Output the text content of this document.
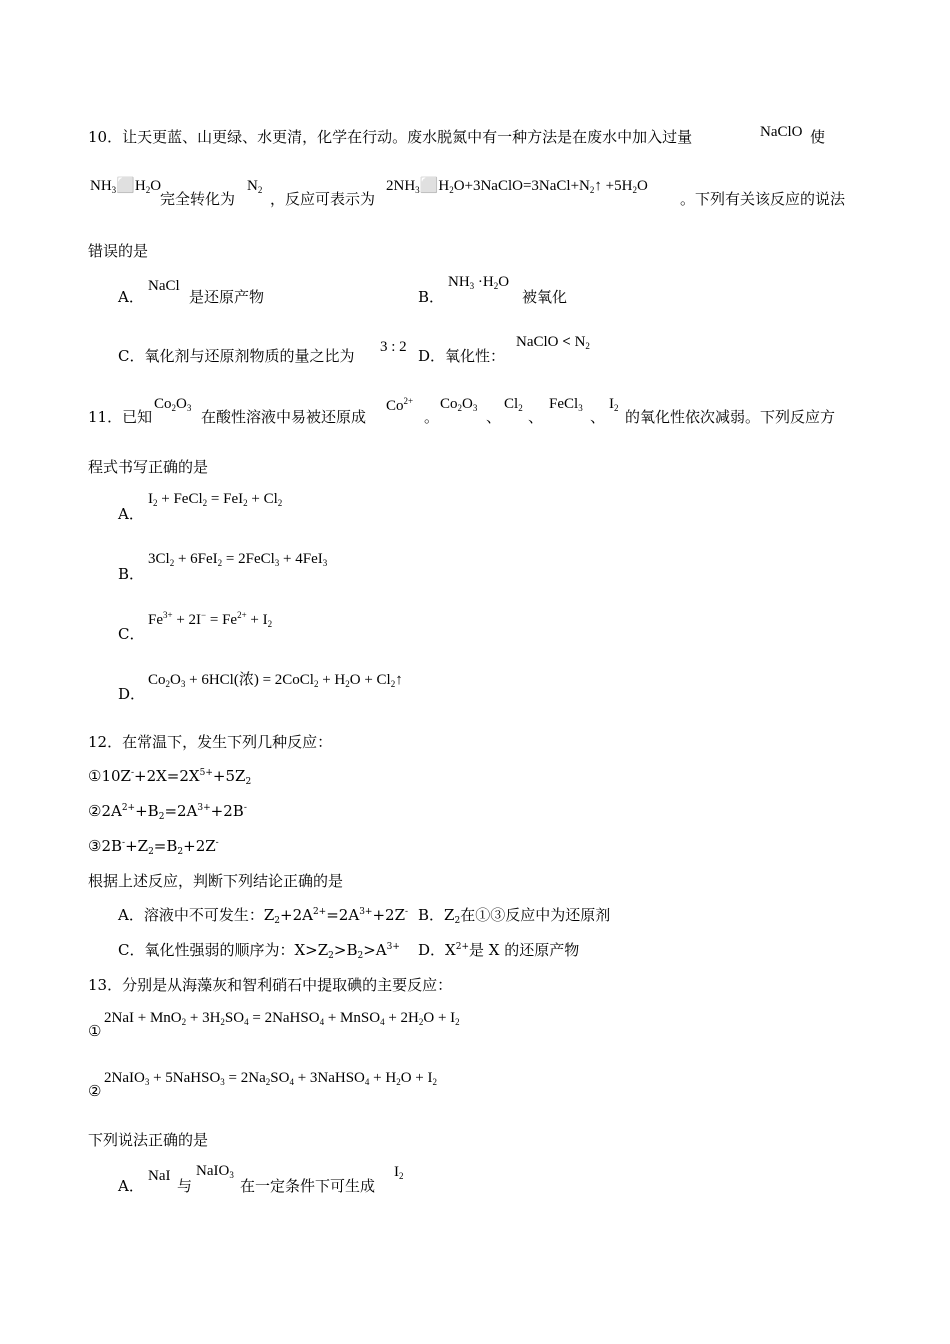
10．让天更蓝、山更绿、水更清，化学在行动。废水脱氮中有一种方法是在废水中加入过量	NaClO 使
$NH_3⬜H_2O$
完全转化为
$N_2$ ，反应可表示为
$2NH_3⬜H_2O+3NaClO=3NaCl+N_2↑ +5H_2O$
。下列有关该反应的说法
错误的是
A．
NaCl
是还原产物	B．
$NH_3 \cdot H_2O$
被氧化
C．氧化剂与还原剂物质的量之比为 3 : 2 D．氧化性：
NaClO < $N_2$
11．已知
$Co_2O_3$ 在酸性溶液中易被还原成
$Co^{2+}$
。
$Co_2O_3$ 、
$Cl_2$ 、
FeCl$_3$ 、
$I_2$ 的氧化性依次减弱。下列反应方
程式书写正确的是
A．
$I_2$ + FeCl$_2$ = $FeI_2 + Cl_2$
B．
$3Cl_2 + 6FeI_2$ = 2FeCl$_3$ + 4FeI$_3$
C．
$Fe^{3+} + 2I^- = Fe^{2+} + I_2$
D．
$Co_2O_3 + 6HCl$(浓) = 2CoCl$_2$ + $H_2O$ + $Cl_2↑$
12．在常温下，发生下列几种反应：
$①10Z^-+2X=2X^{5+}+5Z_2$
$②2A^{2+}+B_2=2A^{3+}+2B^-$
$③2B^-+Z_2=B_2+2Z^-$
根据上述反应，判断下列结论正确的是
A．溶液中不可发生：$Z_2+2A^{2+}=2A^{3+}+2Z^-$ B．$Z_2$在①③反应中为还原剂
C．氧化性强弱的顺序为：$X>Z_2>B_2>A^{3+}$ D．$X^{2+}$是 X 的还原产物
13．分别是从海藻灰和智利硝石中提取碘的主要反应：
①
$2NaI + MnO_2 + 3H_2SO_4$ = 2NaHSO$_4$ + MnSO$_4$ + $2H_2O + I_2$
②
2NaIO$_3$ + 5NaHSO$_3$ = $2Na_2SO_4$ + 3NaHSO$_4$ + $H_2O + I_2$
下列说法正确的是
A．
NaI
与
NaIO$_3$
在一定条件下可生成
$I_2$
